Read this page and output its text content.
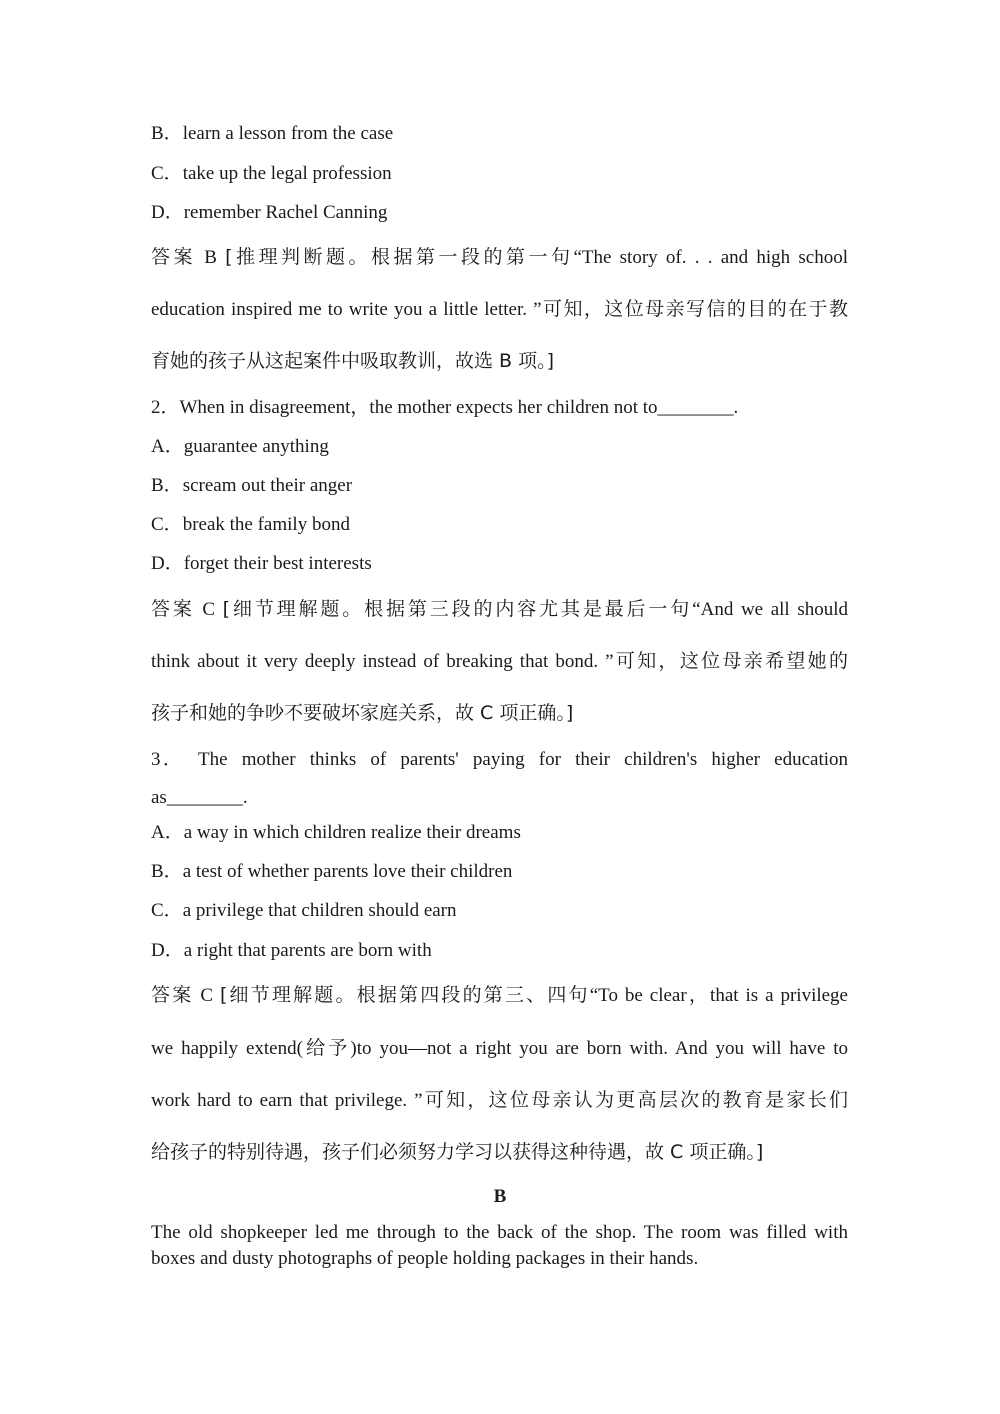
B．learn a lesson from the case
C．take up the legal profession
D．remember Rachel Canning
答案 B [推理判断题。根据第一段的第一句“The story of. . . and high school
education inspired me to write you a little letter. ”可知，这位母亲写信的目的在于教
育她的孩子从这起案件中吸取教训，故选 B 项。]
2．When in disagreement，the mother expects her children not to________.
A．guarantee anything
B．scream out their anger
C．break the family bond
D．forget their best interests
答案 C [细节理解题。根据第三段的内容尤其是最后一句“And we all should
think about it very deeply instead of breaking that bond. ”可知，这位母亲希望她的
孩子和她的争吵不要破坏家庭关系，故 C 项正确。]
3．  The  mother  thinks  of  parents'  paying  for  their  children's  higher  education
as________.
A．a way in which children realize their dreams
B．a test of whether parents love their children
C．a privilege that children should earn
D．a right that parents are born with
答案 C [细节理解题。根据第四段的第三、四句“To be clear，that is a privilege
we happily extend(给予)to you—not a right you are born with. And you will have to
work hard to earn that privilege. ”可知，这位母亲认为更高层次的教育是家长们
给孩子的特别待遇，孩子们必须努力学习以获得这种待遇，故 C 项正确。]
B
The old shopkeeper led me through to the back of the shop. The room was filled with boxes and dusty photographs of people holding packages in their hands.
